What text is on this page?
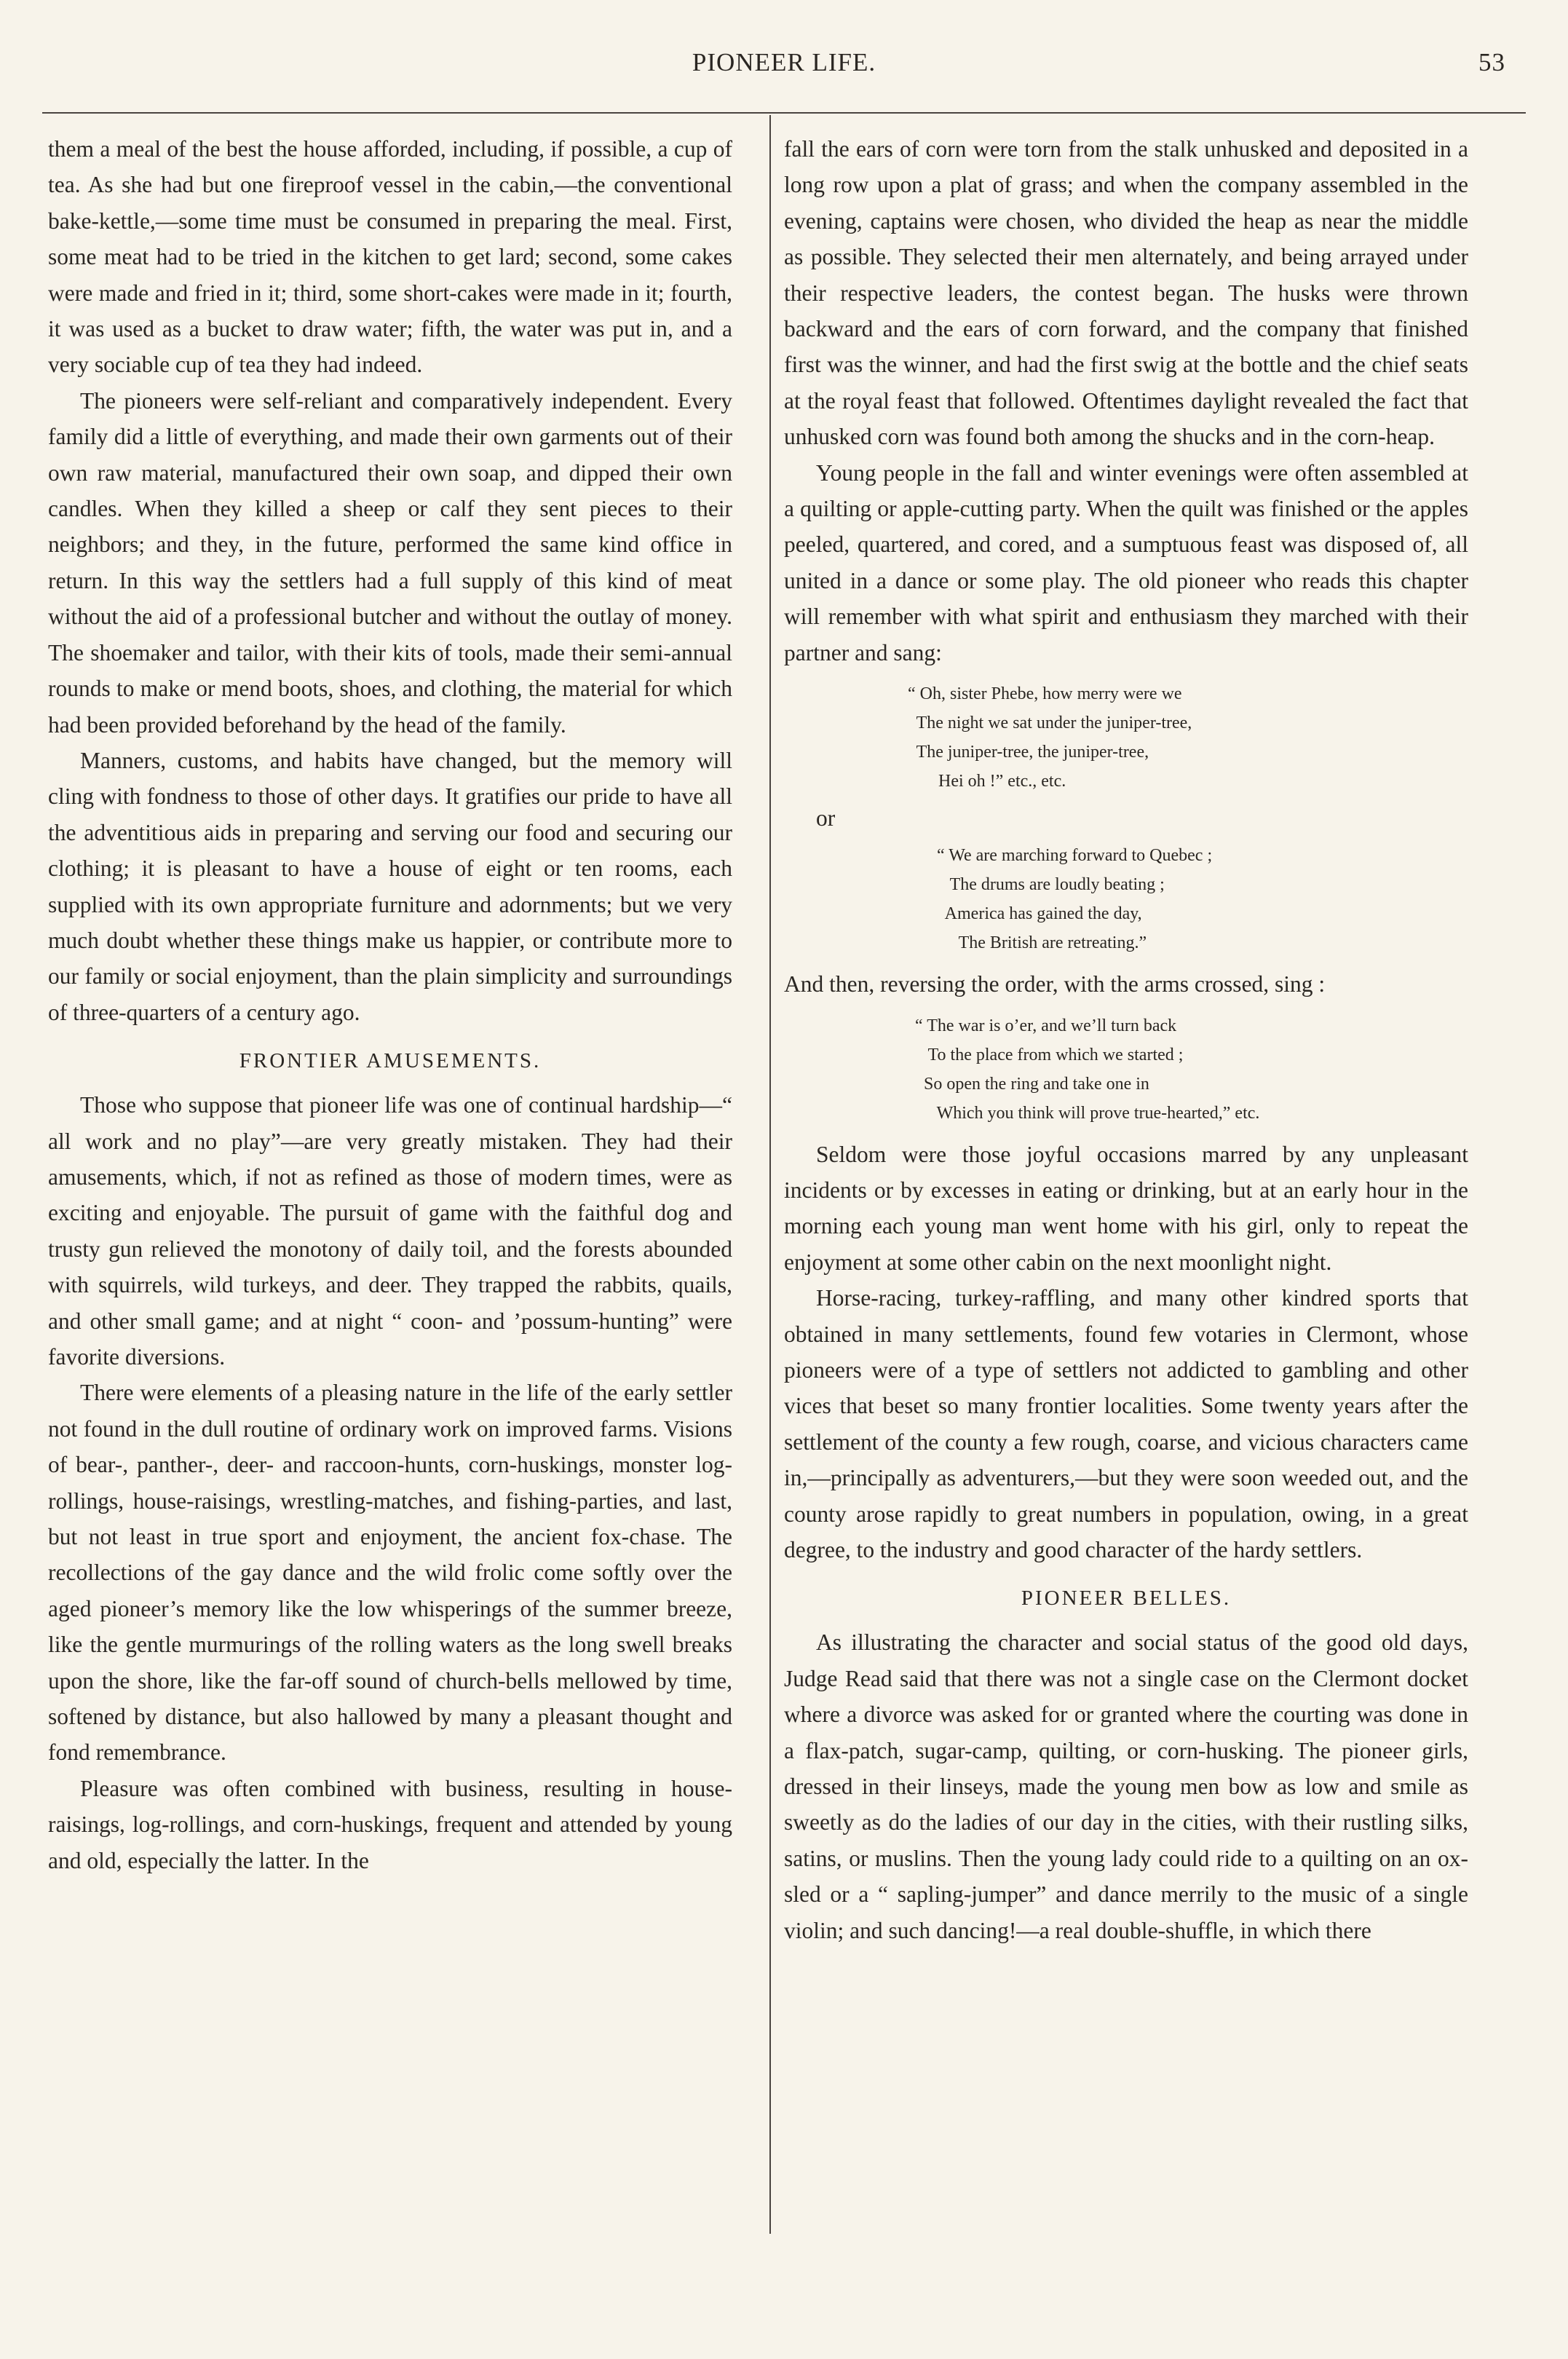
PIONEER LIFE.	53

them a meal of the best the house afforded, including, if possible, a cup of tea. As she had but one fireproof vessel in the cabin,—the conventional bake-kettle,—some time must be consumed in preparing the meal. First, some meat had to be tried in the kitchen to get lard; second, some cakes were made and fried in it; third, some short-cakes were made in it; fourth, it was used as a bucket to draw water; fifth, the water was put in, and a very sociable cup of tea they had indeed.

The pioneers were self-reliant and comparatively independent. Every family did a little of everything, and made their own garments out of their own raw material, manufactured their own soap, and dipped their own candles. When they killed a sheep or calf they sent pieces to their neighbors; and they, in the future, performed the same kind office in return. In this way the settlers had a full supply of this kind of meat without the aid of a professional butcher and without the outlay of money. The shoemaker and tailor, with their kits of tools, made their semi-annual rounds to make or mend boots, shoes, and clothing, the material for which had been provided beforehand by the head of the family.

Manners, customs, and habits have changed, but the memory will cling with fondness to those of other days. It gratifies our pride to have all the adventitious aids in preparing and serving our food and securing our clothing; it is pleasant to have a house of eight or ten rooms, each supplied with its own appropriate furniture and adornments; but we very much doubt whether these things make us happier, or contribute more to our family or social enjoyment, than the plain simplicity and surroundings of three-quarters of a century ago.

FRONTIER AMUSEMENTS.

Those who suppose that pioneer life was one of continual hardship—“ all work and no play”—are very greatly mistaken. They had their amusements, which, if not as refined as those of modern times, were as exciting and enjoyable. The pursuit of game with the faithful dog and trusty gun relieved the monotony of daily toil, and the forests abounded with squirrels, wild turkeys, and deer. They trapped the rabbits, quails, and other small game; and at night “ coon- and ’possum-hunting” were favorite diversions.

There were elements of a pleasing nature in the life of the early settler not found in the dull routine of ordinary work on improved farms. Visions of bear-, panther-, deer- and raccoon-hunts, corn-huskings, monster log-rollings, house-raisings, wrestling-matches, and fishing-parties, and last, but not least in true sport and enjoyment, the ancient fox-chase. The recollections of the gay dance and the wild frolic come softly over the aged pioneer’s memory like the low whisperings of the summer breeze, like the gentle murmurings of the rolling waters as the long swell breaks upon the shore, like the far-off sound of church-bells mellowed by time, softened by distance, but also hallowed by many a pleasant thought and fond remembrance.

Pleasure was often combined with business, resulting in house-raisings, log-rollings, and corn-huskings, frequent and attended by young and old, especially the latter. In the

fall the ears of corn were torn from the stalk unhusked and deposited in a long row upon a plat of grass; and when the company assembled in the evening, captains were chosen, who divided the heap as near the middle as possible. They selected their men alternately, and being arrayed under their respective leaders, the contest began. The husks were thrown backward and the ears of corn forward, and the company that finished first was the winner, and had the first swig at the bottle and the chief seats at the royal feast that followed. Oftentimes daylight revealed the fact that unhusked corn was found both among the shucks and in the corn-heap.

Young people in the fall and winter evenings were often assembled at a quilting or apple-cutting party. When the quilt was finished or the apples peeled, quartered, and cored, and a sumptuous feast was disposed of, all united in a dance or some play. The old pioneer who reads this chapter will remember with what spirit and enthusiasm they marched with their partner and sang:

“ Oh, sister Phebe, how merry were we
The night we sat under the juniper-tree,
The juniper-tree, the juniper-tree,
Hei oh !” etc., etc.

or

“ We are marching forward to Quebec ;
The drums are loudly beating ;
America has gained the day,
The British are retreating.”

And then, reversing the order, with the arms crossed, sing :

“ The war is o’er, and we’ll turn back
To the place from which we started ;
So open the ring and take one in
Which you think will prove true-hearted,” etc.

Seldom were those joyful occasions marred by any unpleasant incidents or by excesses in eating or drinking, but at an early hour in the morning each young man went home with his girl, only to repeat the enjoyment at some other cabin on the next moonlight night.

Horse-racing, turkey-raffling, and many other kindred sports that obtained in many settlements, found few votaries in Clermont, whose pioneers were of a type of settlers not addicted to gambling and other vices that beset so many frontier localities. Some twenty years after the settlement of the county a few rough, coarse, and vicious characters came in,—principally as adventurers,—but they were soon weeded out, and the county arose rapidly to great numbers in population, owing, in a great degree, to the industry and good character of the hardy settlers.

PIONEER BELLES.

As illustrating the character and social status of the good old days, Judge Read said that there was not a single case on the Clermont docket where a divorce was asked for or granted where the courting was done in a flax-patch, sugar-camp, quilting, or corn-husking. The pioneer girls, dressed in their linseys, made the young men bow as low and smile as sweetly as do the ladies of our day in the cities, with their rustling silks, satins, or muslins. Then the young lady could ride to a quilting on an ox-sled or a “ sapling-jumper” and dance merrily to the music of a single violin; and such dancing!—a real double-shuffle, in which there
